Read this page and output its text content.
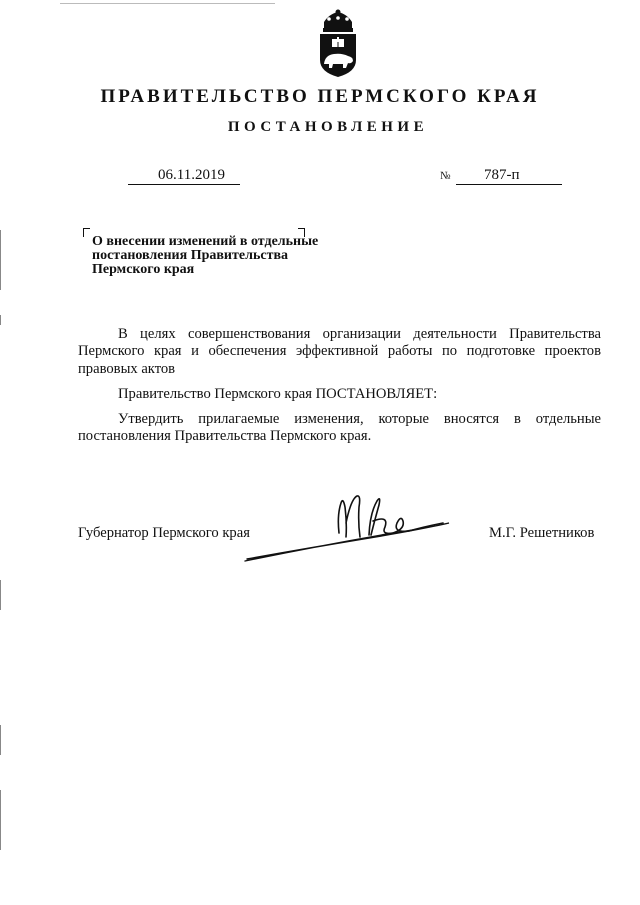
ПРАВИТЕЛЬСТВО ПЕРМСКОГО КРАЯ
ПОСТАНОВЛЕНИЕ
06.11.2019	№ 787-п
О внесении изменений в отдельные
постановления Правительства
Пермского края
В целях совершенствования организации деятельности Правительства Пермского края и обеспечения эффективной работы по подготовке проектов правовых актов
Правительство Пермского края ПОСТАНОВЛЯЕТ:
Утвердить прилагаемые изменения, которые вносятся в отдельные постановления Правительства Пермского края.
Губернатор Пермского края	М.Г. Решетников
